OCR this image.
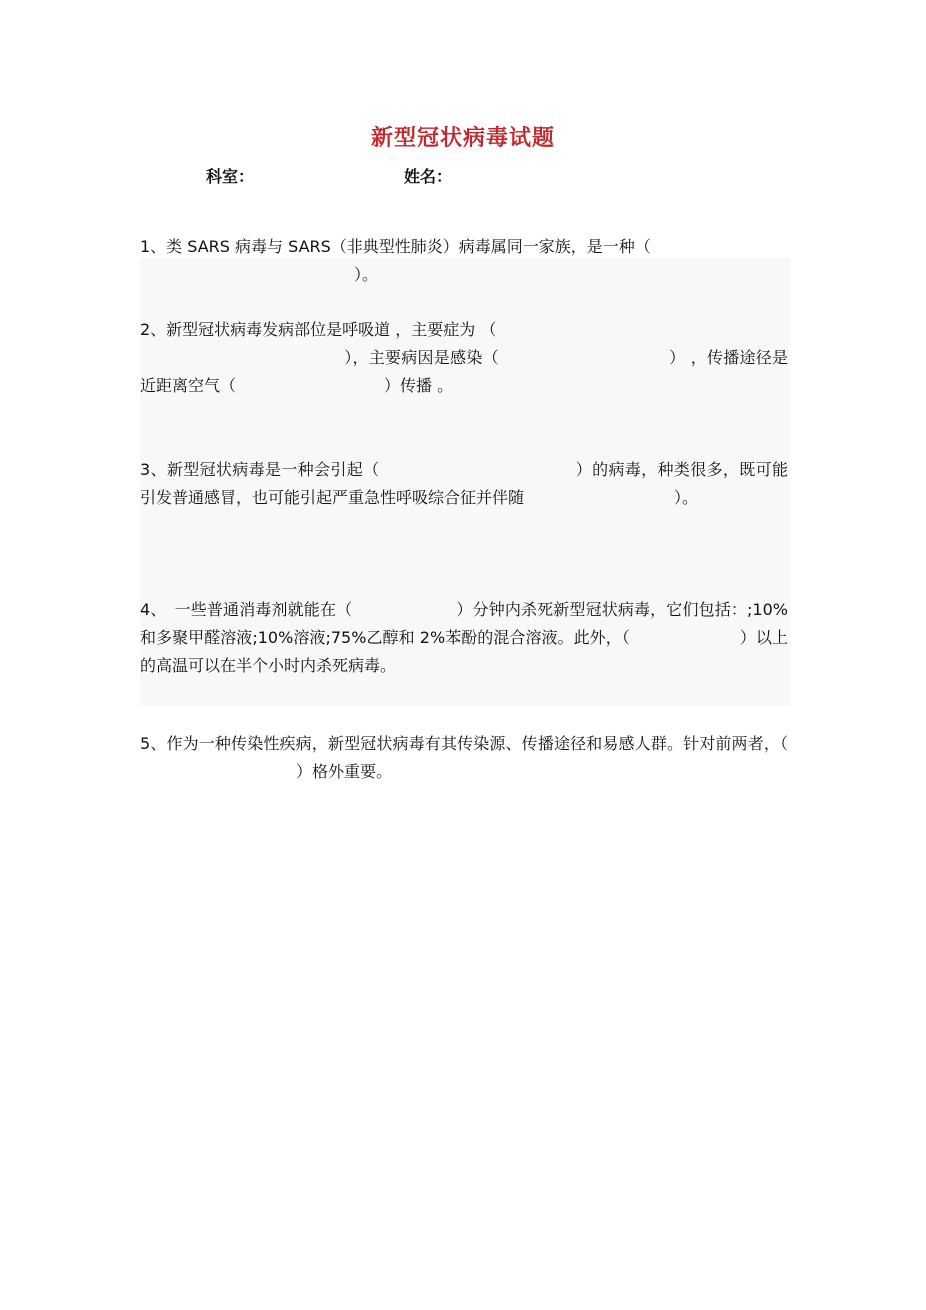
新型冠状病毒试题
科室：	姓名：
1、类 SARS 病毒与 SARS（非典型性肺炎）病毒属同一家族，是一种（
）。
2、新型冠状病毒发病部位是呼吸道 ，主要症为 （
），主要病因是感染（	） ，传播途径是近距离空气（	）传播 。
3、新型冠状病毒是一种会引起（	）的病毒，种类很多，既可能引发普通感冒，也可能引起严重急性呼吸综合征并伴随	）。
4、　一些普通消毒剂就能在（	）分钟内杀死新型冠状病毒，它们包括：;10%和多聚甲醛溶液;10%溶液;75%乙醇和 2%苯酚的混合溶液。此外，（	）以上的高温可以在半个小时内杀死病毒。
5、作为一种传染性疾病，新型冠状病毒有其传染源、传播途径和易感人群。针对前两者，（）格外重要。
